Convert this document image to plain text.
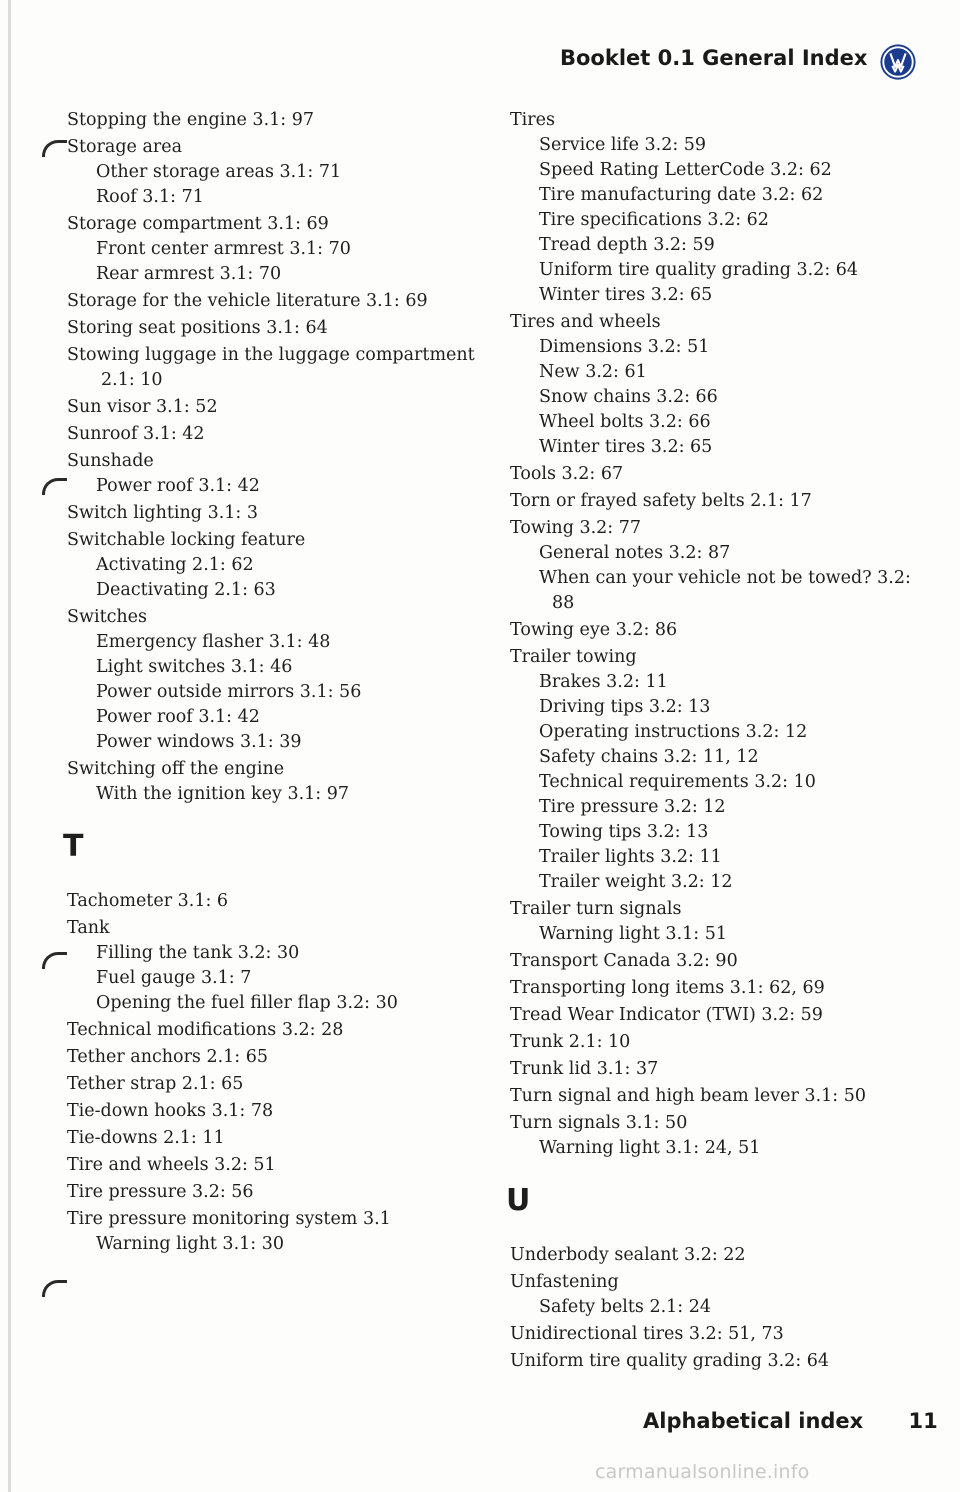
Booklet 0.1 General Index
Stopping the engine 3.1: 97
Storage area
Other storage areas 3.1: 71
Roof 3.1: 71
Storage compartment 3.1: 69
Front center armrest 3.1: 70
Rear armrest 3.1: 70
Storage for the vehicle literature 3.1: 69
Storing seat positions 3.1: 64
Stowing luggage in the luggage compartment
2.1: 10
Sun visor 3.1: 52
Sunroof 3.1: 42
Sunshade
Power roof 3.1: 42
Switch lighting 3.1: 3
Switchable locking feature
Activating 2.1: 62
Deactivating 2.1: 63
Switches
Emergency flasher 3.1: 48
Light switches 3.1: 46
Power outside mirrors 3.1: 56
Power roof 3.1: 42
Power windows 3.1: 39
Switching off the engine
With the ignition key 3.1: 97
T
Tachometer 3.1: 6
Tank
Filling the tank 3.2: 30
Fuel gauge 3.1: 7
Opening the fuel filler flap 3.2: 30
Technical modifications 3.2: 28
Tether anchors 2.1: 65
Tether strap 2.1: 65
Tie-down hooks 3.1: 78
Tie-downs 2.1: 11
Tire and wheels 3.2: 51
Tire pressure 3.2: 56
Tire pressure monitoring system 3.1
Warning light 3.1: 30
Tires
Service life 3.2: 59
Speed Rating LetterCode 3.2: 62
Tire manufacturing date 3.2: 62
Tire specifications 3.2: 62
Tread depth 3.2: 59
Uniform tire quality grading 3.2: 64
Winter tires 3.2: 65
Tires and wheels
Dimensions 3.2: 51
New 3.2: 61
Snow chains 3.2: 66
Wheel bolts 3.2: 66
Winter tires 3.2: 65
Tools 3.2: 67
Torn or frayed safety belts 2.1: 17
Towing 3.2: 77
General notes 3.2: 87
When can your vehicle not be towed? 3.2:
88
Towing eye 3.2: 86
Trailer towing
Brakes 3.2: 11
Driving tips 3.2: 13
Operating instructions 3.2: 12
Safety chains 3.2: 11, 12
Technical requirements 3.2: 10
Tire pressure 3.2: 12
Towing tips 3.2: 13
Trailer lights 3.2: 11
Trailer weight 3.2: 12
Trailer turn signals
Warning light 3.1: 51
Transport Canada 3.2: 90
Transporting long items 3.1: 62, 69
Tread Wear Indicator (TWI) 3.2: 59
Trunk 2.1: 10
Trunk lid 3.1: 37
Turn signal and high beam lever 3.1: 50
Turn signals 3.1: 50
Warning light 3.1: 24, 51
U
Underbody sealant 3.2: 22
Unfastening
Safety belts 2.1: 24
Unidirectional tires 3.2: 51, 73
Uniform tire quality grading 3.2: 64
Alphabetical index 11
carmanualsonline.info
